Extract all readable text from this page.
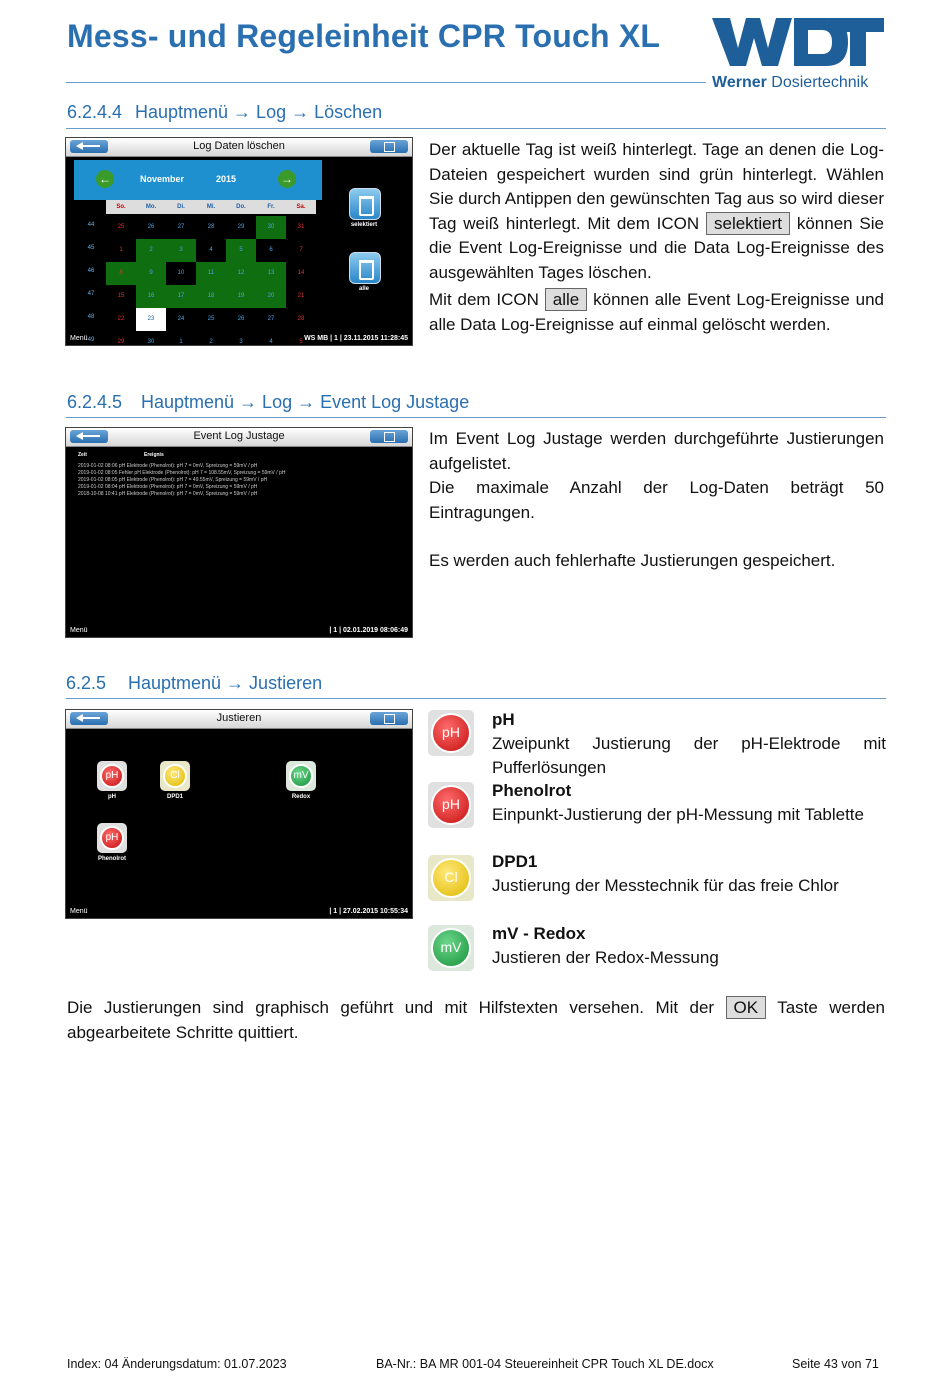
Mess- und Regeleinheit CPR Touch XL
Werner Dosiertechnik
6.2.4.4 Hauptmenü → Log → Löschen
Log Daten löschen
←	November	2015	→
So.	Mo.	Di.	Mi.	Do.	Fr.	Sa.
44	25	26	27	28	29	30	31
45	1	2	3	4	5	6	7
46	8	9	10	11	12	13	14
47	15	16	17	18	19	20	21
48	22	23	24	25	26	27	28
49	29	30	1	2	3	4	5
selektiert
alle
Menü	WS MB | 1 | 23.11.2015 11:28:45
Der aktuelle Tag ist weiß hinterlegt. Tage an denen die Log-Dateien gespeichert wurden sind grün hinterlegt. Wählen Sie durch Antippen den gewünschten Tag aus so wird dieser Tag weiß hinterlegt. Mit dem ICON selektiert können Sie die Event Log-Ereignisse und die Data Log-Ereignisse des ausgewählten Tages löschen.
Mit dem ICON alle können alle Event Log-Ereignisse und alle Data Log-Ereignisse auf einmal gelöscht werden.
6.2.4.5 Hauptmenü → Log → Event Log Justage
Event Log Justage
Zeit	Ereignis
2019-01-02 08:06 pH Elektrode (Phenolrot): pH 7 = 0mV, Spreizung = 59mV / pH
2019-01-02 08:05 Fehler pH Elektrode (Phenolrot): pH 7 = 108.55mV, Spreizung = 59mV / pH
2019-01-02 08:05 pH Elektrode (Phenolrot): pH 7 = 49.55mV, Spreizung = 59mV / pH
2019-01-02 08:04 pH Elektrode (Phenolrot): pH 7 = 0mV, Spreizung = 59mV / pH
2018-10-08 10:41 pH Elektrode (Phenolrot): pH 7 = 0mV, Spreizung = 59mV / pH
Menü	| 1 | 02.01.2019 08:06:49
Im Event Log Justage werden durchgeführte Justierungen aufgelistet.
Die maximale Anzahl der Log-Daten beträgt 50 Eintragungen.
Es werden auch fehlerhafte Justierungen gespeichert.
6.2.5 Hauptmenü → Justieren
Justieren
pH
pH
Cl
DPD1
mV
Redox
pH
Phenolrot
Menü	| 1 | 27.02.2015 10:55:34
pH
pH
Zweipunkt Justierung der pH-Elektrode mit Pufferlösungen
pH
Phenolrot
Einpunkt-Justierung der pH-Messung mit Tablette
Cl
DPD1
Justierung der Messtechnik für das freie Chlor
mV
mV - Redox
Justieren der Redox-Messung
Die Justierungen sind graphisch geführt und mit Hilfstexten versehen. Mit der OK Taste werden abgearbeitete Schritte quittiert.
Index: 04 Änderungsdatum: 01.07.2023	BA-Nr.: BA MR 001-04 Steuereinheit CPR Touch XL DE.docx	Seite 43 von 71
